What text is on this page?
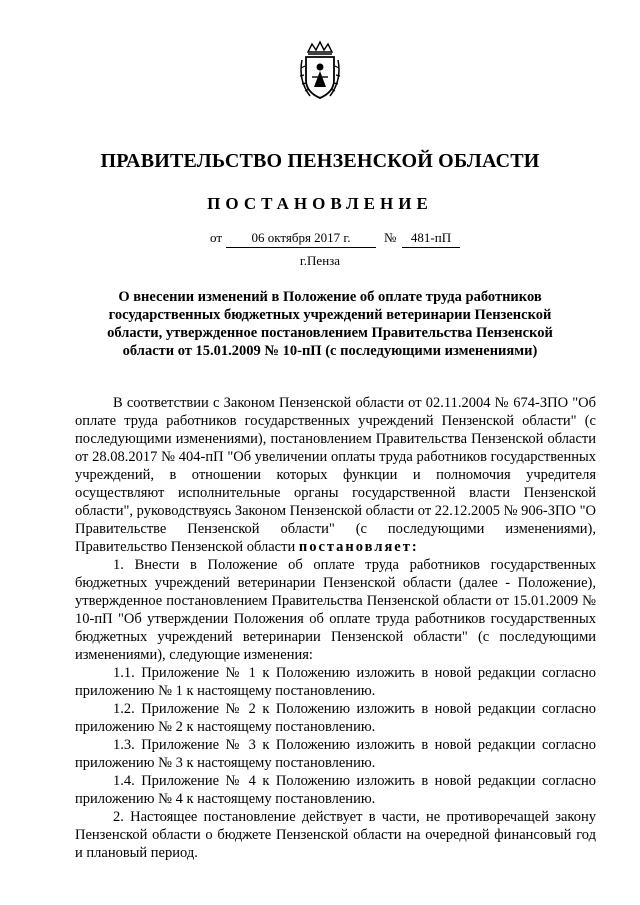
ПРАВИТЕЛЬСТВО ПЕНЗЕНСКОЙ ОБЛАСТИ
ПОСТАНОВЛЕНИЕ
от	06 октября 2017 г.	№	481-пП
г.Пенза
О внесении изменений в Положение об оплате труда работников государственных бюджетных учреждений ветеринарии Пензенской области, утвержденное постановлением Правительства Пензенской области от 15.01.2009 № 10-пП (с последующими изменениями)

В соответствии с Законом Пензенской области от 02.11.2004 № 674-ЗПО "Об оплате труда работников государственных учреждений Пензенской области" (с последующими изменениями), постановлением Правительства Пензенской области от 28.08.2017 № 404-пП "Об увеличении оплаты труда работников государственных учреждений, в отношении которых функции и полномочия учредителя осуществляют исполнительные органы государственной власти Пензенской области", руководствуясь Законом Пензенской области от 22.12.2005 № 906-ЗПО "О Правительстве Пензенской области" (с последующими изменениями), Правительство Пензенской области постановляет:

1. Внести в Положение об оплате труда работников государственных бюджетных учреждений ветеринарии Пензенской области (далее - Положение), утвержденное постановлением Правительства Пензенской области от 15.01.2009 № 10-пП "Об утверждении Положения об оплате труда работников государственных бюджетных учреждений ветеринарии Пензенской области" (с последующими изменениями), следующие изменения:

1.1. Приложение № 1 к Положению изложить в новой редакции согласно приложению № 1 к настоящему постановлению.

1.2. Приложение № 2 к Положению изложить в новой редакции согласно приложению № 2 к настоящему постановлению.

1.3. Приложение № 3 к Положению изложить в новой редакции согласно приложению № 3 к настоящему постановлению.

1.4. Приложение № 4 к Положению изложить в новой редакции согласно приложению № 4 к настоящему постановлению.

2. Настоящее постановление действует в части, не противоречащей закону Пензенской области о бюджете Пензенской области на очередной финансовый год и плановый период.
